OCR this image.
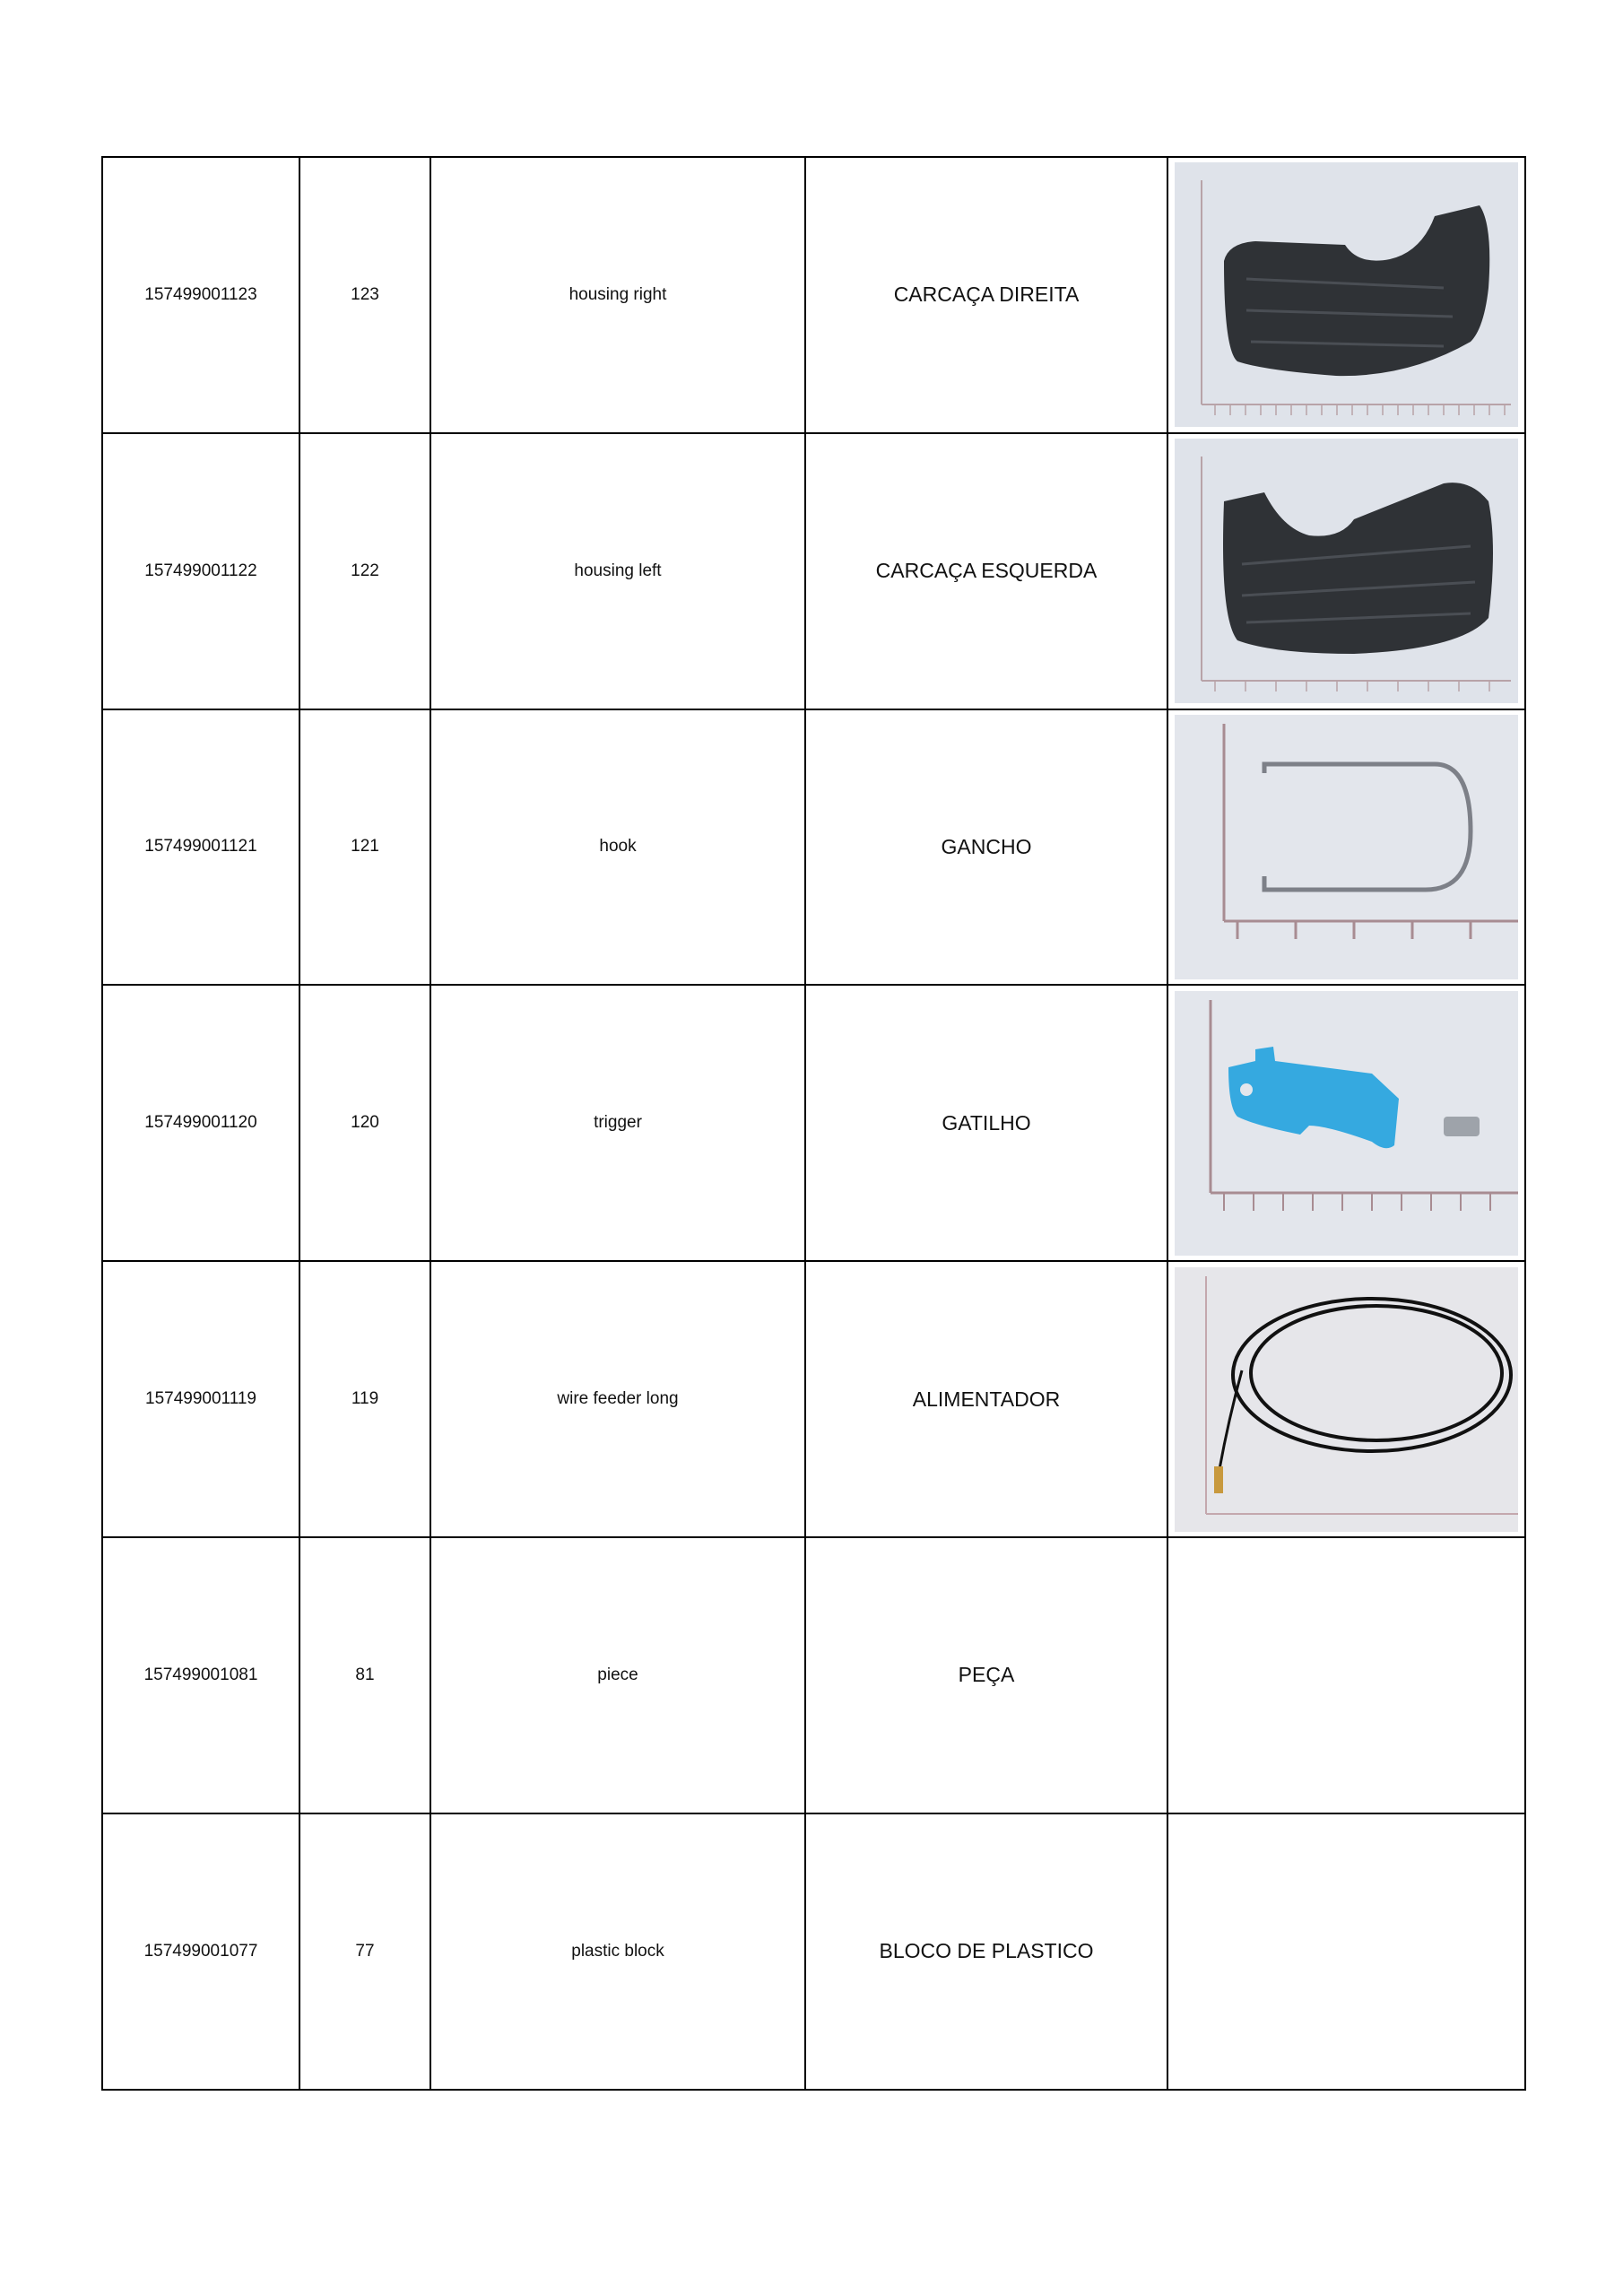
157499001123	123	housing right	CARCAÇA DIREITA	

157499001122	122	housing left	CARCAÇA ESQUERDA	

157499001121	121	hook	GANCHO	

157499001120	120	trigger	GATILHO	

157499001119	119	wire feeder long	ALIMENTADOR	

157499001081	81	piece	PEÇA	
157499001077	77	plastic block	BLOCO DE PLASTICO	
